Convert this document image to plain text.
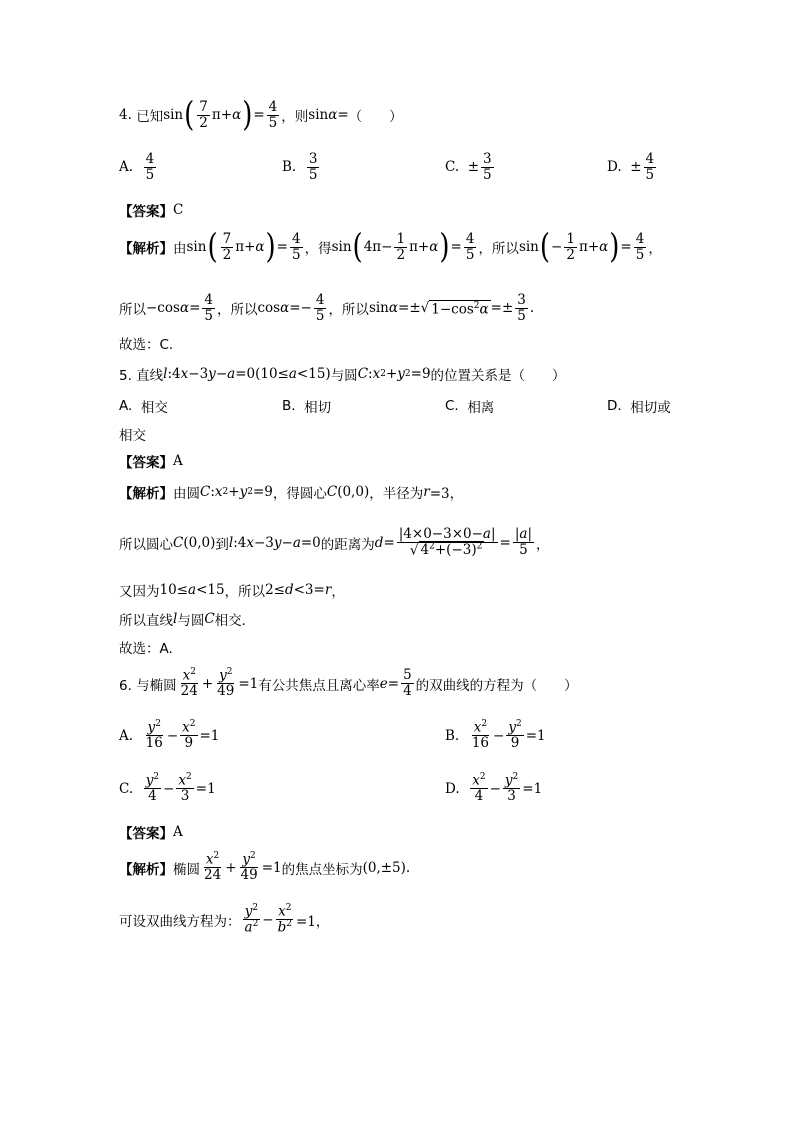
4.
已知 sin ( $\frac{7}{2} \pi+ \alpha$ ) = $\frac{4}{5}$ ，则 sin α = （　　）
A.
$\frac{4}{5}$	B.
$\frac{3}{5}$	C. ± $\frac{3}{5}$	D. ± $\frac{4}{5}$
【答案】 C
【解析】 由 sin ( $\frac{7}{2} \pi+ \alpha$ ) = $\frac{4}{5}$ ，得 sin ( $4\pi- \frac{1}{2} \pi+ \alpha$ ) = $\frac{4}{5}$ ，所以 sin ( − $\frac{1}{2} \pi+ \alpha$ ) = $\frac{4}{5}$ ，
所以 −cos $\alpha = \frac{4}{5}$ ，所以 $\cos \alpha =- \frac{4}{5}$ ，所以 sin α =±√ $1-\cos^2\alpha =\pm \frac{3}{5}$ .
故选：C.
5. 直线 l :4 x −3 y − a =0(10≤ a <15) 与圆 C : x 2 + y 2 =9 的位置关系是（　　）
A.
相交	B.
相切	C.
相离	D.
相切或
相交
【答案】 A
【解析】 由圆 C : x 2 + y 2 =9 ，得圆心 C (0,0) ，半径为 r =3，
所以圆心 C (0,0) 到 l :4 x −3 y − a =0 的距离为 $d = \frac{|4\times 0-3\times 0-a|}{√ 4^2+(-3)^2} = \frac{|a|}{5}$ ，
又因为 10≤ a <15 ，所以 2≤ d <3= r ，
所以直线 l 与圆 C 相交.
故选：A.
6. 与椭圆 $\frac{x^2}{24} + \frac{y^2}{49} =1$ 有公共焦点且离心率 $e = \frac{5}{4}$ 的双曲线的方程为（　　）
A.
$\frac{y^2}{16} - \frac{x^2}{9} =1$	B.
$\frac{x^2}{16} - \frac{y^2}{9} =1$
C.
$\frac{y^2}{4} - \frac{x^2}{3} =1$	D.
$\frac{x^2}{4} - \frac{y^2}{3} =1$
【答案】 A
【解析】 椭圆 $\frac{x^2}{24} + \frac{y^2}{49} =1$ 的焦点坐标为 (0,±5).
可设双曲线方程为： $\frac{y^2}{a^2} - \frac{x^2}{b^2} =1$，
